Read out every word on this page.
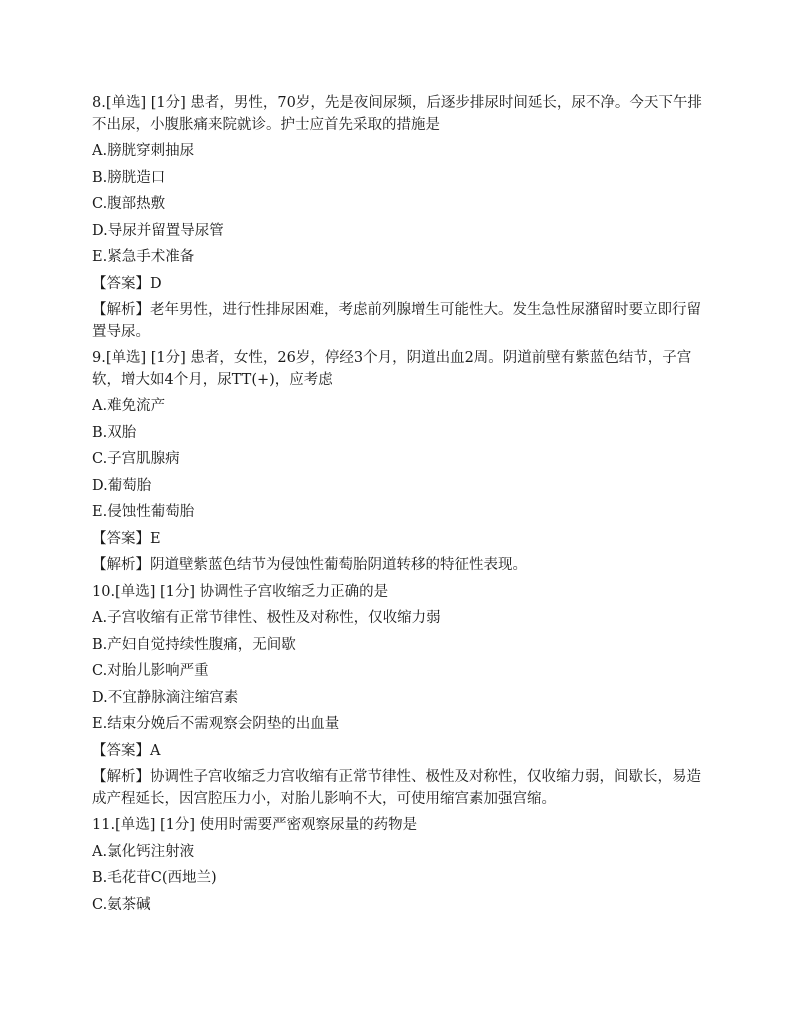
8.[单选] [1分] 患者，男性，70岁，先是夜间尿频，后逐步排尿时间延长，尿不净。今天下午排不出尿，小腹胀痛来院就诊。护士应首先采取的措施是
A.膀胱穿刺抽尿
B.膀胱造口
C.腹部热敷
D.导尿并留置导尿管
E.紧急手术准备
【答案】D
【解析】老年男性，进行性排尿困难，考虑前列腺增生可能性大。发生急性尿潴留时要立即行留置导尿。
9.[单选] [1分] 患者，女性，26岁，停经3个月，阴道出血2周。阴道前壁有紫蓝色结节，子宫软，增大如4个月，尿TT(+)，应考虑
A.难免流产
B.双胎
C.子宫肌腺病
D.葡萄胎
E.侵蚀性葡萄胎
【答案】E
【解析】阴道壁紫蓝色结节为侵蚀性葡萄胎阴道转移的特征性表现。
10.[单选] [1分] 协调性子宫收缩乏力正确的是
A.子宫收缩有正常节律性、极性及对称性，仅收缩力弱
B.产妇自觉持续性腹痛，无间歇
C.对胎儿影响严重
D.不宜静脉滴注缩宫素
E.结束分娩后不需观察会阴垫的出血量
【答案】A
【解析】协调性子宫收缩乏力宫收缩有正常节律性、极性及对称性，仅收缩力弱，间歇长，易造成产程延长，因宫腔压力小，对胎儿影响不大，可使用缩宫素加强宫缩。
11.[单选] [1分] 使用时需要严密观察尿量的药物是
A.氯化钙注射液
B.毛花苷C(西地兰)
C.氨茶碱
